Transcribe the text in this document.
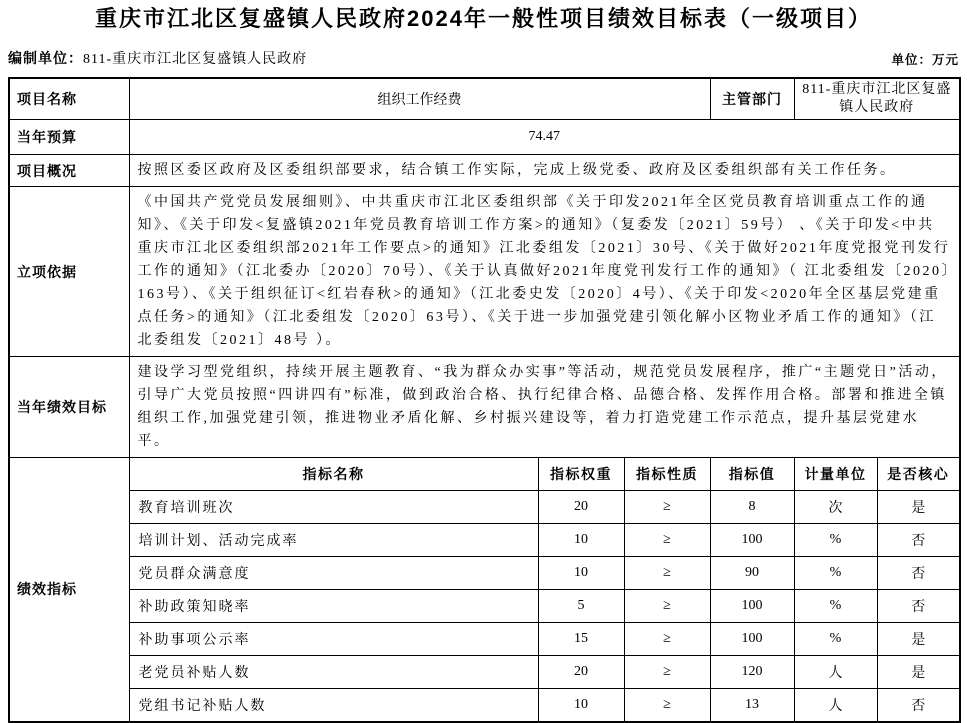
重庆市江北区复盛镇人民政府2024年一般性项目绩效目标表（一级项目）
编制单位：811-重庆市江北区复盛镇人民政府	单位：万元
项目名称	组织工作经费			主管部门	811-重庆市江北区复盛镇人民政府	
当年预算	74.47					
项目概况	按照区委区政府及区委组织部要求，结合镇工作实际，完成上级党委、政府及区委组织部有关工作任务。					
立项依据	《中国共产党党员发展细则》、中共重庆市江北区委组织部《关于印发2021年全区党员教育培训重点工作的通知》、《关于印发<复盛镇2021年党员教育培训工作方案>的通知》（复委发〔2021〕59号） 、《关于印发<中共重庆市江北区委组织部2021年工作要点>的通知》江北委组发〔2021〕30号、《关于做好2021年度党报党刊发行工作的通知》（江北委办〔2020〕70号）、《关于认真做好2021年度党刊发行工作的通知》（ 江北委组发〔2020〕163号）、《关于组织征订<红岩春秋>的通知》（江北委史发〔2020〕4号）、《关于印发<2020年全区基层党建重点任务>的通知》（江北委组发〔2020〕63号）、《关于进一步加强党建引领化解小区物业矛盾工作的通知》（江北委组发〔2021〕48号 ）。					
当年绩效目标	建设学习型党组织，持续开展主题教育、“我为群众办实事”等活动，规范党员发展程序，推广“主题党日”活动，引导广大党员按照“四讲四有”标准，做到政治合格、执行纪律合格、品德合格、发挥作用合格。部署和推进全镇组织工作,加强党建引领，推进物业矛盾化解、乡村振兴建设等，着力打造党建工作示范点，提升基层党建水平。					
绩效指标	指标名称	指标权重	指标性质	指标值	计量单位	是否核心
	教育培训班次	20	≥	8	次	是
	培训计划、活动完成率	10	≥	100	%	否
	党员群众满意度	10	≥	90	%	否
	补助政策知晓率	5	≥	100	%	否
	补助事项公示率	15	≥	100	%	是
	老党员补贴人数	20	≥	120	人	是
	党组书记补贴人数	10	≥	13	人	否
